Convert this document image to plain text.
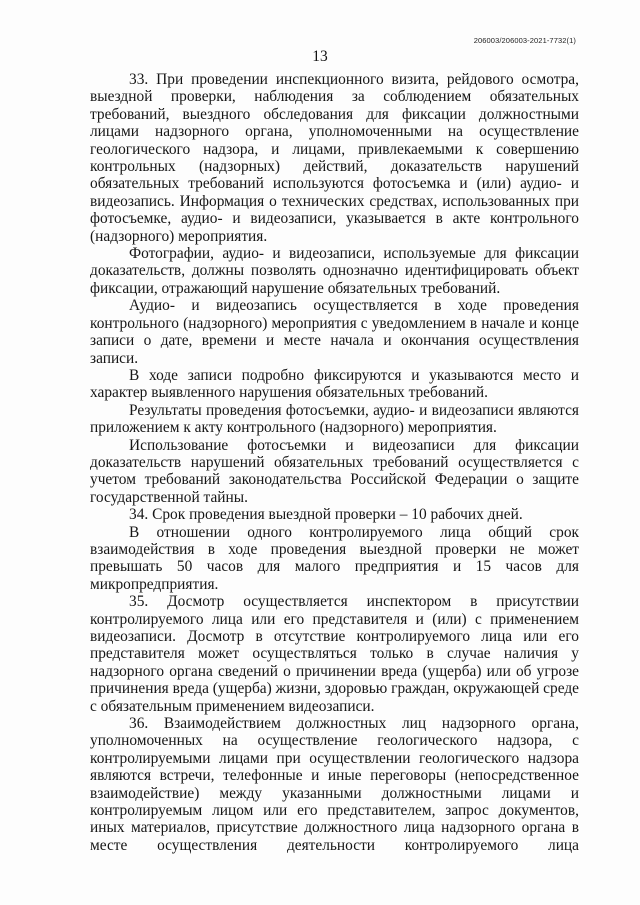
206003/206003-2021-7732(1)
13

33. При проведении инспекционного визита, рейдового осмотра, выездной проверки, наблюдения за соблюдением обязательных требований, выездного обследования для фиксации должностными лицами надзорного органа, уполномоченными на осуществление геологического надзора, и лицами, привлекаемыми к совершению контрольных (надзорных) действий, доказательств нарушений обязательных требований используются фотосъемка и (или) аудио- и видеозапись. Информация о технических средствах, использованных при фотосъемке, аудио- и видеозаписи, указывается в акте контрольного (надзорного) мероприятия.

Фотографии, аудио- и видеозаписи, используемые для фиксации доказательств, должны позволять однозначно идентифицировать объект фиксации, отражающий нарушение обязательных требований.

Аудио- и видеозапись осуществляется в ходе проведения контрольного (надзорного) мероприятия с уведомлением в начале и конце записи о дате, времени и месте начала и окончания осуществления записи.

В ходе записи подробно фиксируются и указываются место и характер выявленного нарушения обязательных требований.

Результаты проведения фотосъемки, аудио- и видеозаписи являются приложением к акту контрольного (надзорного) мероприятия.

Использование фотосъемки и видеозаписи для фиксации доказательств нарушений обязательных требований осуществляется с учетом требований законодательства Российской Федерации о защите государственной тайны.

34. Срок проведения выездной проверки – 10 рабочих дней.

В отношении одного контролируемого лица общий срок взаимодействия в ходе проведения выездной проверки не может превышать 50 часов для малого предприятия и 15 часов для микропредприятия.

35. Досмотр осуществляется инспектором в присутствии контролируемого лица или его представителя и (или) с применением видеозаписи. Досмотр в отсутствие контролируемого лица или его представителя может осуществляться только в случае наличия у надзорного органа сведений о причинении вреда (ущерба) или об угрозе причинения вреда (ущерба) жизни, здоровью граждан, окружающей среде с обязательным применением видеозаписи.

36. Взаимодействием должностных лиц надзорного органа, уполномоченных на осуществление геологического надзора, с контролируемыми лицами при осуществлении геологического надзора являются встречи, телефонные и иные переговоры (непосредственное взаимодействие) между указанными должностными лицами и контролируемым лицом или его представителем, запрос документов, иных материалов, присутствие должностного лица надзорного органа в месте осуществления деятельности контролируемого лица
